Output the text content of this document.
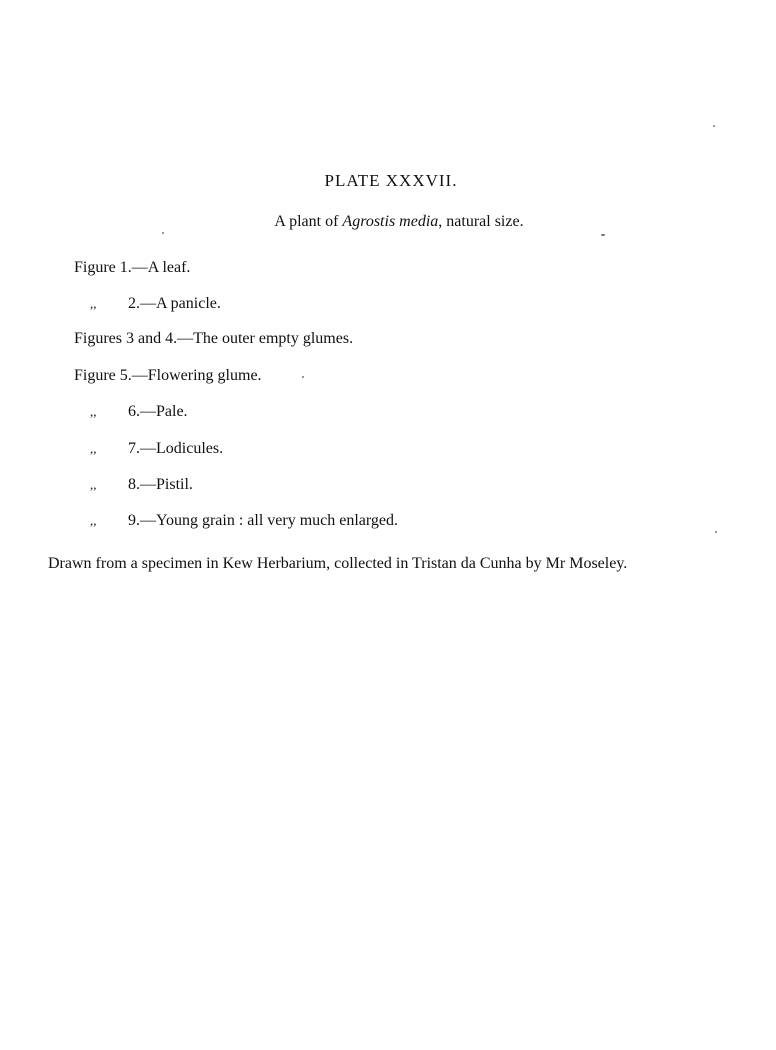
PLATE XXXVII.
A plant of Agrostis media, natural size.
Figure 1.—A leaf.
,, 2.—A panicle.
Figures 3 and 4.—The outer empty glumes.
Figure 5.—Flowering glume.
,, 6.—Pale.
,, 7.—Lodicules.
,, 8.—Pistil.
,, 9.—Young grain : all very much enlarged.
Drawn from a specimen in Kew Herbarium, collected in Tristan da Cunha by Mr Moseley.
